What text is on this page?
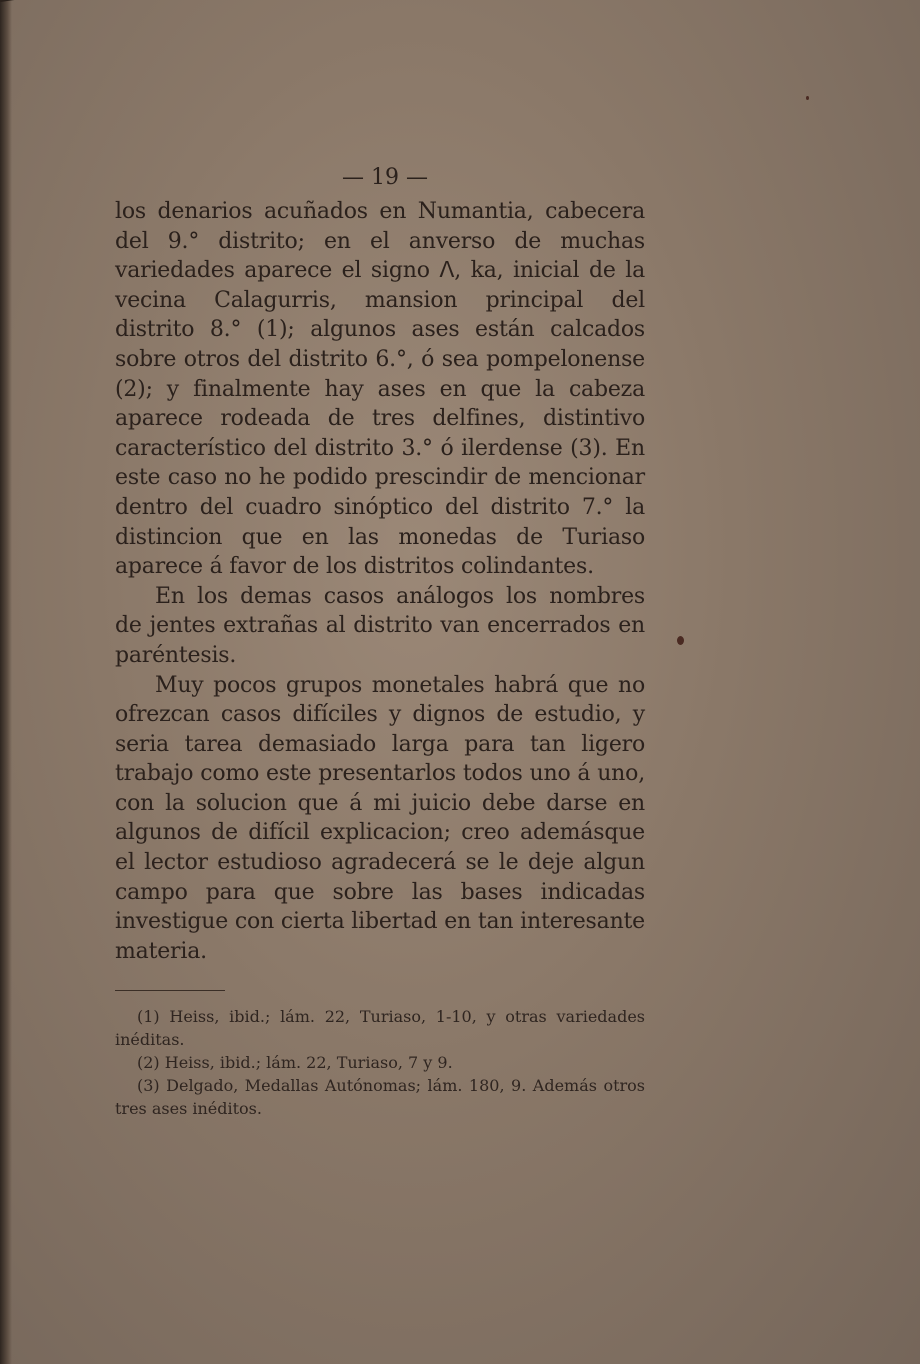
— 19 —

los denarios acuñados en Numantia, cabecera del 9.° distrito; en el anverso de muchas variedades aparece el signo ᐱ, ka, inicial de la vecina Calagurris, mansion principal del distrito 8.° (1); algunos ases están calcados sobre otros del distrito 6.°, ó sea pompelonense (2); y finalmente hay ases en que la cabeza aparece rodeada de tres delfines, distintivo característico del distrito 3.° ó ilerdense (3). En este caso no he podido prescindir de mencionar dentro del cuadro sinóptico del distrito 7.° la distincion que en las monedas de Turiaso aparece á favor de los distritos colindantes.

En los demas casos análogos los nombres de jentes extrañas al distrito van encerrados en paréntesis.

Muy pocos grupos monetales habrá que no ofrezcan casos difíciles y dignos de estudio, y seria tarea demasiado larga para tan ligero trabajo como este presentarlos todos uno á uno, con la solucion que á mi juicio debe darse en algunos de difícil explicacion; creo ademásque el lector estudioso agradecerá se le deje algun campo para que sobre las bases indicadas investigue con cierta libertad en tan interesante materia.

(1) Heiss, ibid.; lám. 22, Turiaso, 1-10, y otras variedades inéditas.

(2) Heiss, ibid.; lám. 22, Turiaso, 7 y 9.

(3) Delgado, Medallas Autónomas; lám. 180, 9. Además otros tres ases inéditos.
